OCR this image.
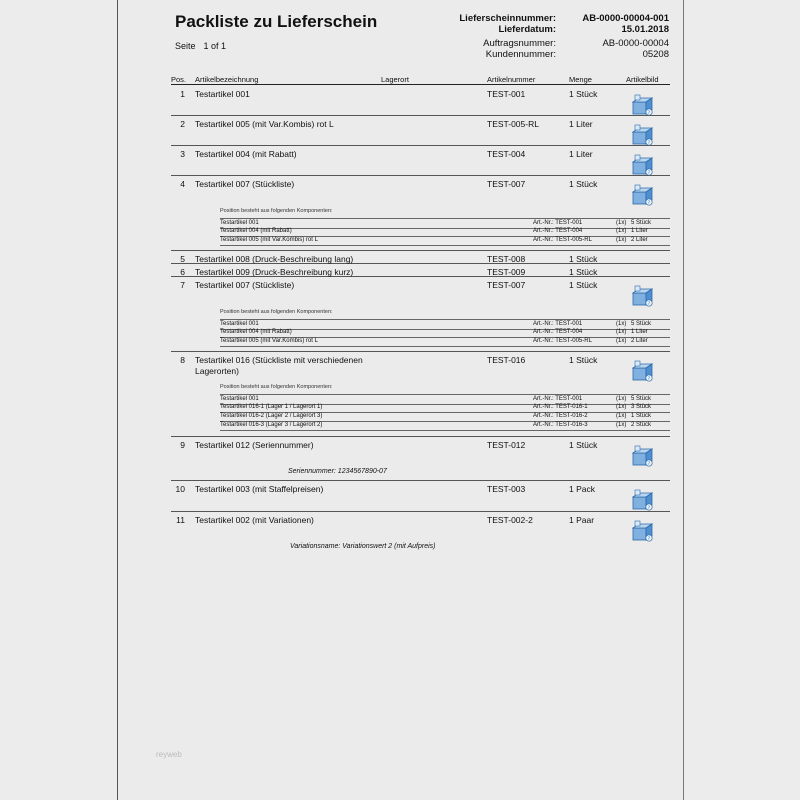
Packliste zu Lieferschein
Seite 1 of 1
Lieferscheinnummer:	AB-0000-00004-001
Lieferdatum:	15.01.2018
Auftragsnummer:	AB-0000-00004
Kundennummer:	05208
Pos. Artikelbezeichnung	Lagerort	Artikelnummer	Menge	Artikelbild
1 Testartikel 001	TEST-001	1 Stück
?
2 Testartikel 005 (mit Var.Kombis) rot L	TEST-005-RL	1 Liter
?
3 Testartikel 004 (mit Rabatt)	TEST-004	1 Liter
?
4 Testartikel 007 (Stückliste)	TEST-007	1 Stück
?
Position besteht aus folgenden Komponenten:
Testartikel 001	Art.-Nr.: TEST-001	(1x) 5 Stück
Testartikel 004 (mit Rabatt)	Art.-Nr.: TEST-004	(1x) 1 Liter
Testartikel 005 (mit Var.Kombis) rot L	Art.-Nr.: TEST-005-RL	(1x) 2 Liter
5 Testartikel 008 (Druck-Beschreibung lang)	TEST-008	1 Stück
6 Testartikel 009 (Druck-Beschreibung kurz)	TEST-009	1 Stück
7 Testartikel 007 (Stückliste)	TEST-007	1 Stück
?
Position besteht aus folgenden Komponenten:
Testartikel 001	Art.-Nr.: TEST-001	(1x) 5 Stück
Testartikel 004 (mit Rabatt)	Art.-Nr.: TEST-004	(1x) 1 Liter
Testartikel 005 (mit Var.Kombis) rot L	Art.-Nr.: TEST-005-RL	(1x) 2 Liter
8 Testartikel 016 (Stückliste mit verschiedenen
Lagerorten)
TEST-016	1 Stück
?
Position besteht aus folgenden Komponenten:
Testartikel 001	Art.-Nr.: TEST-001	(1x) 5 Stück
Testartikel 016-1 (Lager 1 / Lagerort 1)	Art.-Nr.: TEST-016-1	(1x) 3 Stück
Testartikel 016-2 (Lager 2 / Lagerort 3)	Art.-Nr.: TEST-016-2	(1x) 1 Stück
Testartikel 016-3 (Lager 3 / Lagerort 2)	Art.-Nr.: TEST-016-3	(1x) 2 Stück
9 Testartikel 012 (Seriennummer)	TEST-012	1 Stück
?
Seriennummer: 1234567890-07
10 Testartikel 003 (mit Staffelpreisen)	TEST-003	1 Pack
?
11 Testartikel 002 (mit Variationen)	TEST-002-2	1 Paar
?
Variationsname: Variationswert 2 (mit Aufpreis)
reyweb
